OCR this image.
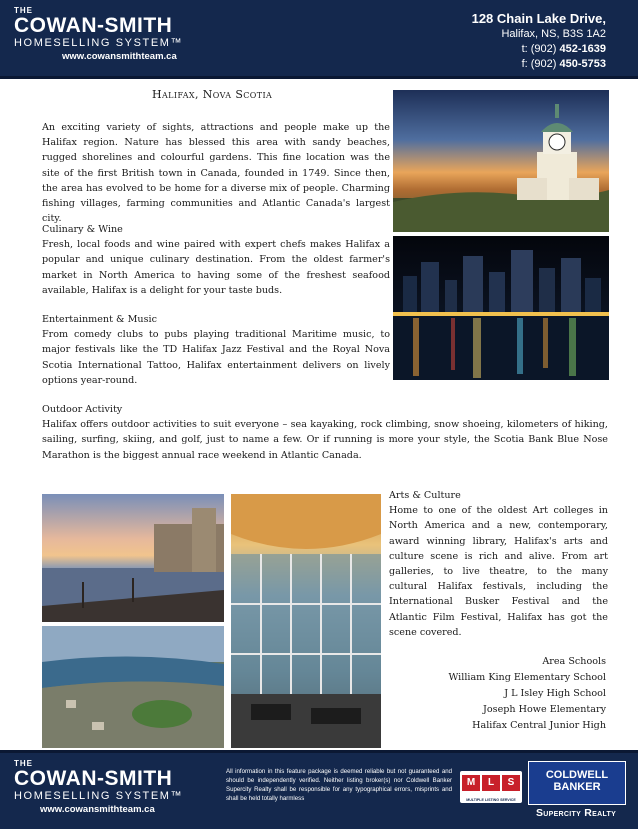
THE
COWAN-SMITH
HOMESELLING SYSTEM™
www.cowansmithteam.ca
128 Chain Lake Drive,
Halifax, NS, B3S 1A2
t: (902) 452-1639
f: (902) 450-5753
Halifax, Nova Scotia
An exciting variety of sights, attractions and people make up the Halifax region. Nature has blessed this area with sandy beaches, rugged shorelines and colourful gardens. This fine location was the site of the first British town in Canada, founded in 1749. Since then, the area has evolved to be home for a diverse mix of people. Charming fishing villages, farming communities and Atlantic Canada's largest city.
Culinary & Wine
Fresh, local foods and wine paired with expert chefs makes Halifax a popular and unique culinary destination. From the oldest farmer's market in North America to having some of the freshest seafood available, Halifax is a delight for your taste buds.
Entertainment & Music
From comedy clubs to pubs playing traditional Maritime music, to major festivals like the TD Halifax Jazz Festival and the Royal Nova Scotia International Tattoo, Halifax entertainment delivers on lively options year-round.
Outdoor Activity
Halifax offers outdoor activities to suit everyone – sea kayaking, rock climbing, snow shoeing, kilometers of hiking, sailing, surfing, skiing, and golf, just to name a few. Or if running is more your style, the Scotia Bank Blue Nose Marathon is the biggest annual race weekend in Atlantic Canada.
Arts & Culture
Home to one of the oldest Art colleges in North America and a new, contemporary, award winning library, Halifax's arts and culture scene is rich and alive. From art galleries, to live theatre, to the many cultural Halifax festivals, including the International Busker Festival and the Atlantic Film Festival, Halifax has got the scene covered.
Area Schools
William King Elementary School
J L Isley High School
Joseph Howe Elementary
Halifax Central Junior High
THE
COWAN-SMITH
HOMESELLING SYSTEM™
www.cowansmithteam.ca
All information in this feature package is deemed reliable but not guaranteed and should be independently verified. Neither listing broker(s) nor Coldwell Banker Supercity Realty shall be responsible for any typographical errors, misprints and shall be held totally harmless
M	L	S
MULTIPLE LISTING SERVICE
COLDWELL
BANKER
Supercity Realty
